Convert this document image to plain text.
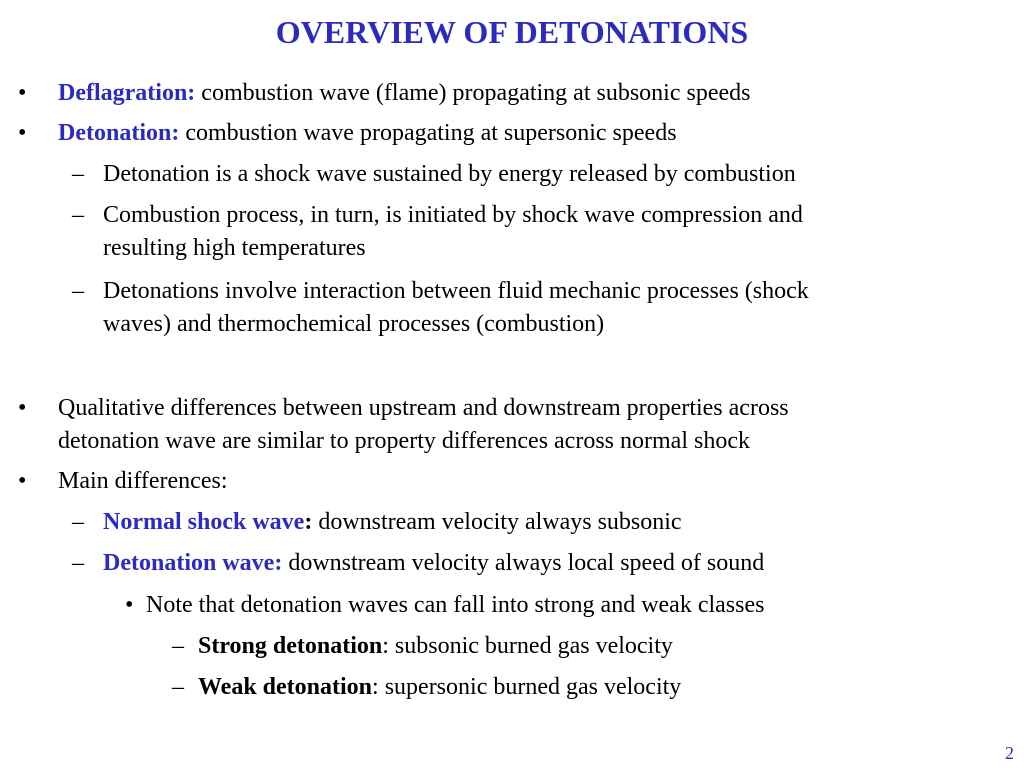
OVERVIEW OF DETONATIONS
• Deflagration: combustion wave (flame) propagating at subsonic speeds
• Detonation: combustion wave propagating at supersonic speeds
– Detonation is a shock wave sustained by energy released by combustion
– Combustion process, in turn, is initiated by shock wave compression and
resulting high temperatures
– Detonations involve interaction between fluid mechanic processes (shock
waves) and thermochemical processes (combustion)
• Qualitative differences between upstream and downstream properties across
detonation wave are similar to property differences across normal shock
• Main differences:
– Normal shock wave: downstream velocity always subsonic
– Detonation wave: downstream velocity always local speed of sound
• Note that detonation waves can fall into strong and weak classes
– Strong detonation: subsonic burned gas velocity
– Weak detonation: supersonic burned gas velocity
2
